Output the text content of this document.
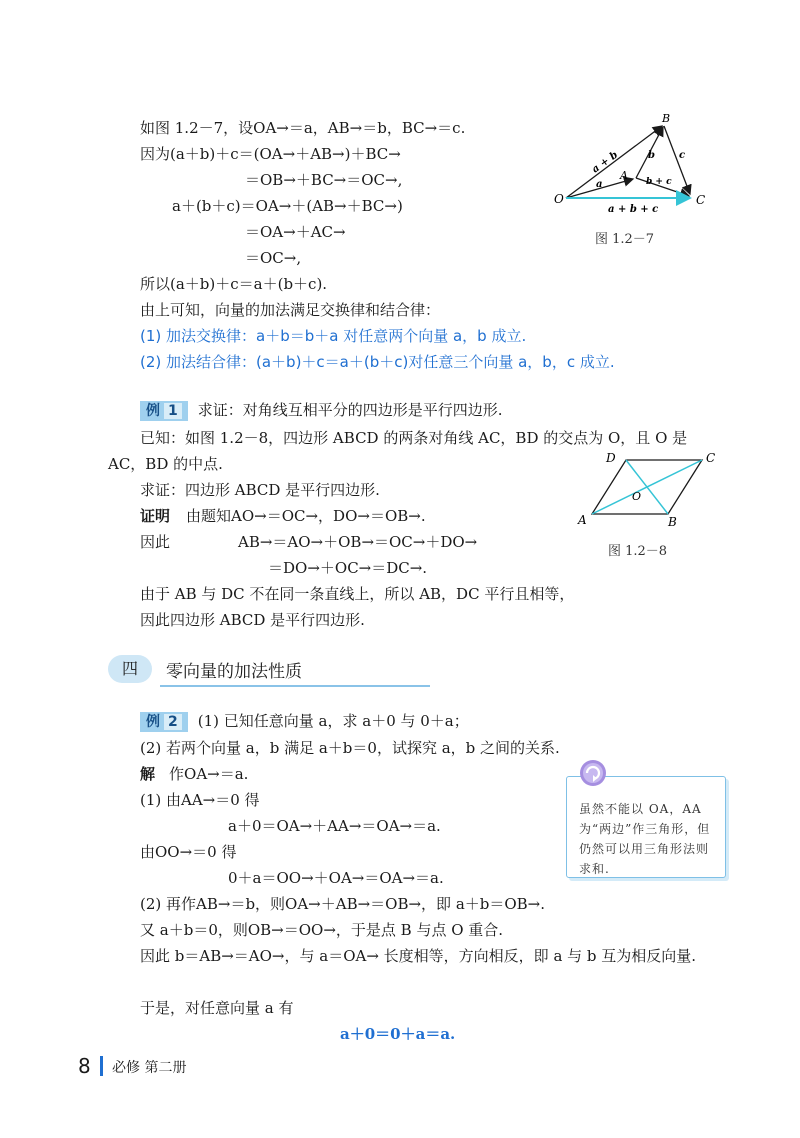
如图 1.2－7，设OA→＝a，AB→＝b，BC→＝c.
因为(a＋b)＋c＝(OA→＋AB→)＋BC→
＝OB→＋BC→＝OC→,
a＋(b＋c)＝OA→＋(AB→＋BC→)
＝OA→＋AC→
＝OC→,
所以(a＋b)＋c＝a＋(b＋c).
由上可知，向量的加法满足交换律和结合律：
(1) 加法交换律：a＋b＝b＋a 对任意两个向量 a，b 成立.
(2) 加法结合律：(a＋b)＋c＝a＋(b＋c)对任意三个向量 a，b，c 成立.
O
A
B
C
a + b
a
b c
b + c
a + b + c
图 1.2－7
例 1 求证：对角线互相平分的四边形是平行四边形.
已知：如图 1.2－8，四边形 ABCD 的两条对角线 AC，BD 的交点为 O，且 O 是
AC，BD 的中点.
求证：四边形 ABCD 是平行四边形.
证明 由题知AO→＝OC→，DO→＝OB→.
因此	AB→＝AO→＋OB→＝OC→＋DO→
＝DO→＋OC→＝DC→.
由于 AB 与 DC 不在同一条直线上，所以 AB，DC 平行且相等，
因此四边形 ABCD 是平行四边形.
A	B
C
D
O
图 1.2－8
四	零向量的加法性质
例 2 (1) 已知任意向量 a，求 a＋0 与 0＋a；
(2) 若两个向量 a，b 满足 a＋b＝0，试探究 a，b 之间的关系.
解 作OA→＝a.
(1) 由AA→＝0 得
a＋0＝OA→＋AA→＝OA→＝a.
由OO→＝0 得
0＋a＝OO→＋OA→＝OA→＝a.
(2) 再作AB→＝b，则OA→＋AB→＝OB→，即 a＋b＝OB→.
又 a＋b＝0，则OB→＝OO→，于是点 B 与点 O 重合.
因此 b＝AB→＝AO→，与 a＝OA→ 长度相等，方向相反，即 a 与 b 互为相反向量.
于是，对任意向量 a 有
a＋0＝0＋a＝a.
虽然不能以 OA，AA 为“两边”作三角形，但仍然可以用三角形法则求和.
8 必修 第二册
